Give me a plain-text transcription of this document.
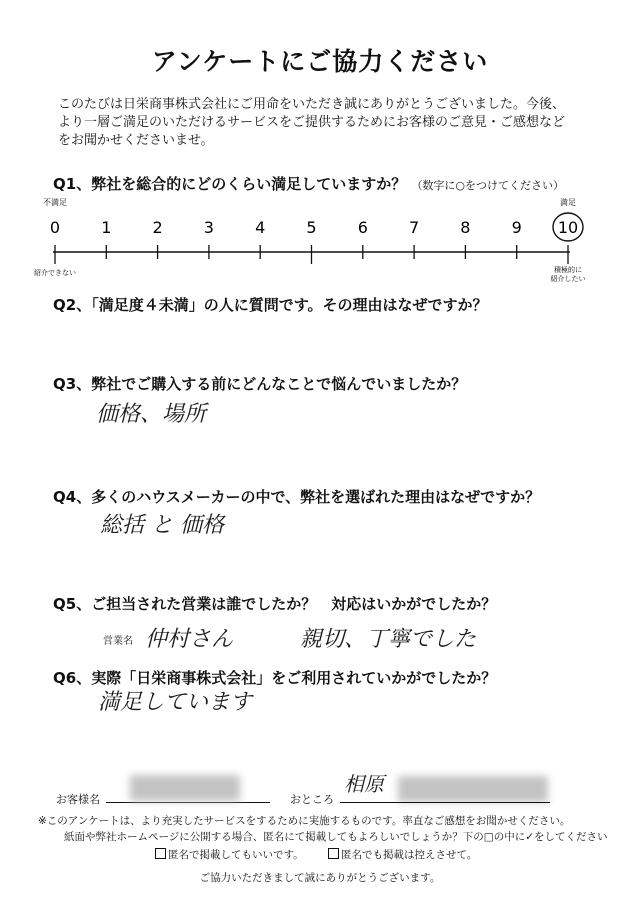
アンケートにご協力ください
このたびは日栄商事株式会社にご用命をいただき誠にありがとうございました。今後、
より一層ご満足のいただけるサービスをご提供するためにお客様のご意見・ご感想など
をお聞かせくださいませ。
Q1、弊社を総合的にどのくらい満足していますか？ （数字に○をつけてください）
不満足	満足
0	1	2	3	4	5	6	7	8	9 10
紹介できない	積極的に
紹介したい
Q2、「満足度４未満」の人に質問です。その理由はなぜですか？
Q3、弊社でご購入する前にどんなことで悩んでいましたか？
価格、場所
Q4、多くのハウスメーカーの中で、弊社を選ばれた理由はなぜですか？
総括 と 価格
Q5、ご担当された営業は誰でしたか？　対応はいかがでしたか？
営業名 仲村さん	親切、丁寧でした
Q6、実際「日栄商事株式会社」をご利用されていかがでしたか？
満足しています
お客様名	おところ
相原
※このアンケートは、より充実したサービスをするために実施するものです。率直なご感想をお聞かせください。
紙面や弊社ホームページに公開する場合、匿名にて掲載してもよろしいでしょうか？下の□の中に✓をしてください
匿名で掲載してもいいです。	匿名でも掲載は控えさせて。
ご協力いただきまして誠にありがとうございます。
